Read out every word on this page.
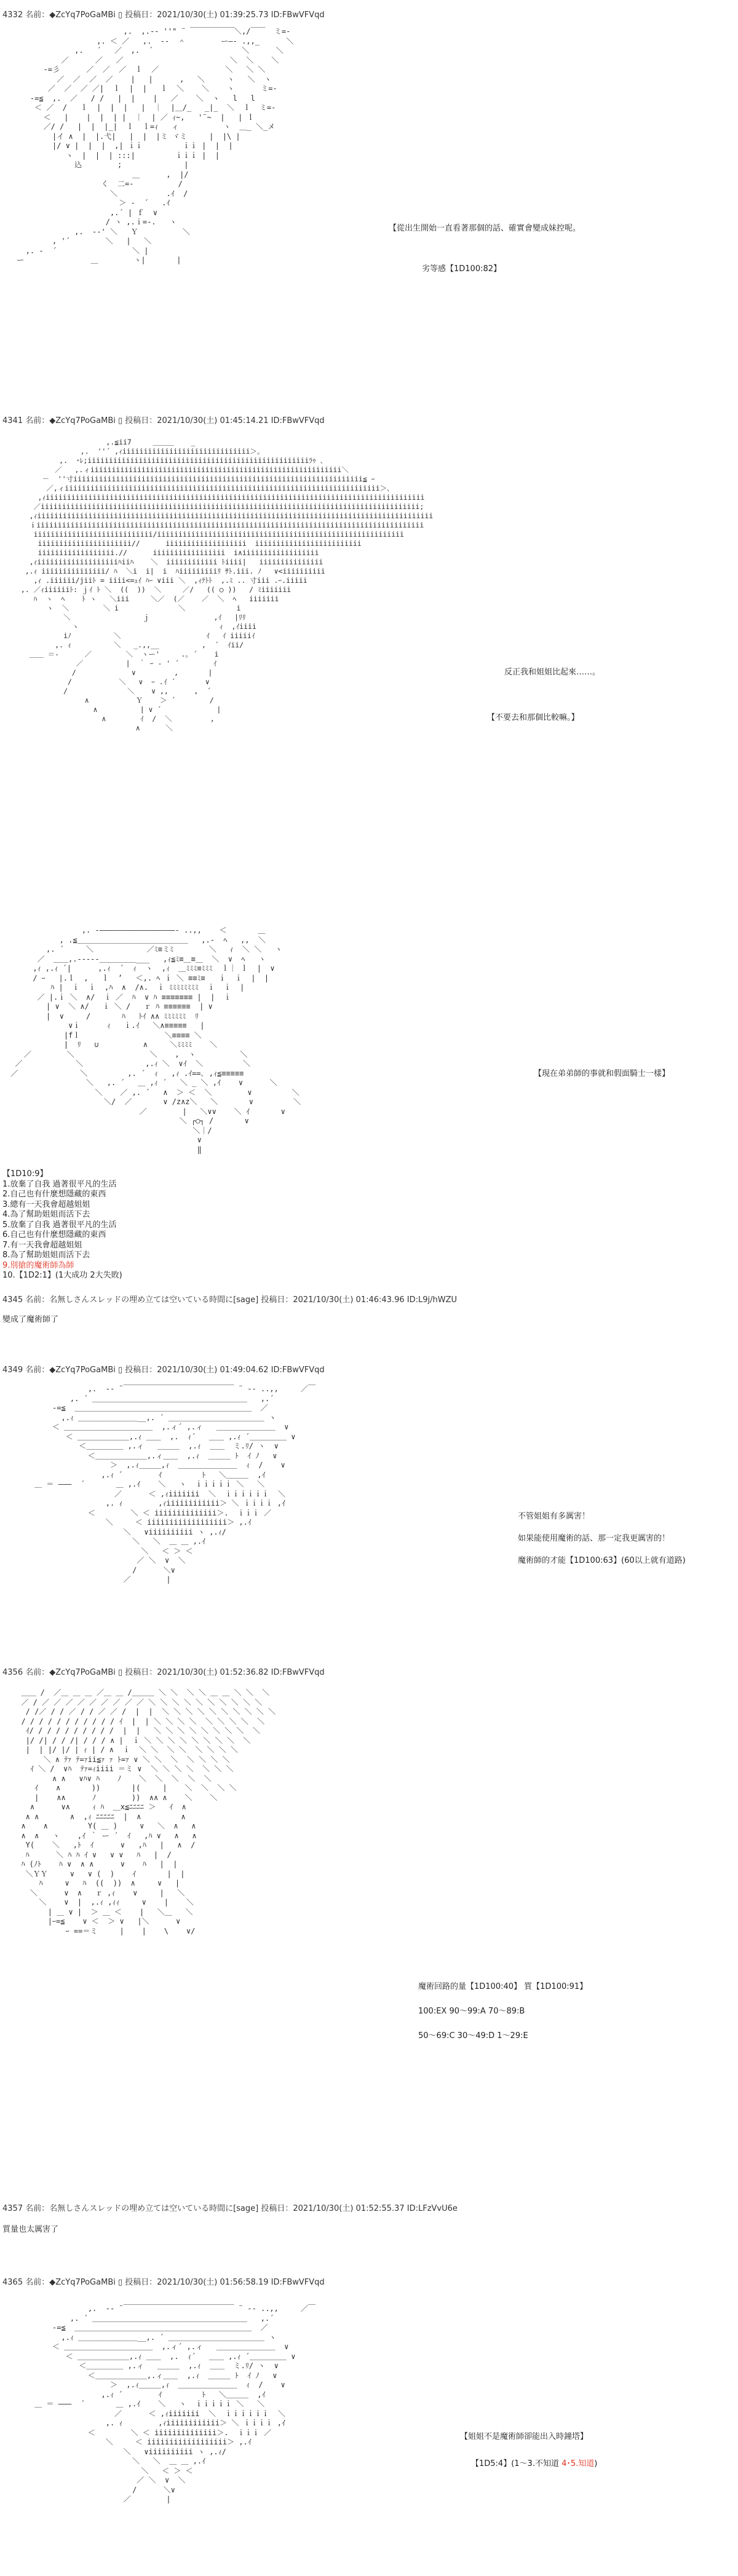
4332 名前：◆ZcYq7PoGaMBi ▯ 投稿日：2021/10/30(土) 01:39:25.73 ID:FBwVFVqd
,.  ,.-‐ ''" ¨ ￣￣￣￣￣￣＼,/￣￣  ミ=-
,. ＜ ／   ,.  -‐  ＾        ー―- .,,_      ＼
,.   ´   ／  ,.  ´                    ＼      ＼
／      ／   ／                        ＼  ＼    ＼
-=彡      ／  ／  ／  ｌ  ／               ＼   ＼ ＼
／  ／  ／  ／    |   |      ,   ＼     ヽ   ＼  ヽ
／  ／  ／ ／|  ｌ  |  |   ｌ  ＼    ＼    ヽ      ミ=-
-=≦  ,.  ／   / /   |  |    |   ／    ＼  ヽ   l   l
＜ ／  /   ｌ  |  |  |   |  ｜  |＿/_   _|_  ＼  ｌ  ミ=-
＜   |    |  |  | |  ｜  | ／ ｨ~,   '¨~  |   | ｌ
／/ /   |  |  |_|  ｌ  ｌ=ｨ   ィ          ヽ  ＿_ ＼_メ
|イ ∧  |  |.弋|   |  |  |ミ ヾミ     |  |\ |
|/ ∨ |  |  |  ,| ｉｉ         ｉｉ |  |  |
ヽ  |  |  | :::|         ｉｉｉ |  |
込        ;              |
＿      ,  |/
く  二=-          /
＼           .ｲ  /
＞ -  ´   .ｲ
,.´ | ｆ  ∨
/ ヽ ,.ｉ=-.   ヽ
,.  -‐' ＼   Ｙ          ＼
, '´        ＼   |   ＼
,. -  ´                 ＼ |
ー               ＿        ヽ|       |
【從出生開始一直看著那個的話、確實會變成妹控呢。
劣等感【1D100:82】
4341 名前：◆ZcYq7PoGaMBi ▯ 投稿日：2021/10/30(土) 01:45:14.21 ID:FBwVFVqd
,.≦ii7     ＿＿＿    _
,.  ''´ ,ｨiiiiiiiiiiiiiiiiiiiiiiiiiiiiii＞｡
,.  ･ﾚ;iiiiiiiiiiiiiiiiiiiiiiiiiiiiiiiiiiiiiiiiiiiiiiiiiiiiﾗｩ ､
／   ,.ィiiiiiiiiiiiiiiiiiiiiiiiiiiiiiiiiiiiiiiiiiiiiiiiiiiiiiiiiiii＼
－  ''寸iiiiiiiiiiiiiiiiiiiiiiiiiiiiiiiiiiiiiiiiiiiiiiiiiiiiiiiiiiiiiiiiiiii≦ ｰ
／,ィiiiiiiiiiiiiiiiiiiiiiiiiiiiiiiiiiiiiiiiiiiiiiiiiiiiiiiiiiiiiiiiiiiiiiiiiii＞､
,ｨiiiiiiiiiiiiiiiiiiiiiiiiiiiiiiiiiiiiiiiiiiiiiiiiiiiiiiiiiiiiiiiiiiiiiiiiiiiiiiiiiiiiiiiii
／iiiiiiiiiiiiiiiiiiiiiiiiiiiiiiiiiiiiiiiiiiiiiiiiiiiiiiiiiiiiiiiiiiiiiiiiiiiiiiiiiiiiiiiii;
,ｨiiiiiiiiiiiiiiiiiiiiiiiiiiiiiiiiiiiiiiiiiiiiiiiiiiiiiiiiiiiiiiiiiiiiiiiiiiiiiiiiiiiiiiiiiiiii
ｉiiiiiiiiiiiiiiiiiiiiiiiiiiiiiiiiiiiiiiiiiiiiiiiiiiiiiiiiiiiiiiiiiiiiiiiiiiiiiiiiiiiiiiiiiii
iiiiiiiiiiiiiiiiiiiiiiiiiiii/iiiiiiiiiiiiiiiiiiiiiiiiiiiiiiiiiiiiiiiiiiiiiiiiiiiiiiiiii
iiiiiiiiiiiiiiiiiiiiii//      iiiiiiiiiiiiiiiiiii  iiiiiiiiiiiiiiiiiiiiiiiii
iiiiiiiiiiiiiiiiii.//      iiiiiiiiiiiiiiiii  i∧iiiiiiiiiiiiiiiiii
,ｨiiiiiiiiiiiiiiiiiiiﾊiiﾊ    ＼  iiiiiiiiiiii ﾄiiii|   iiiiiiiiiiiiiii
,.ｨ iiiiiiiiiiiiiii/ ﾊ  ＼i  i|  i  ﾊiiiiiiiiiﾘ ｻﾄ.iii. ﾉ   ∨<iiiiiiiiii
,ｨ .iiiiii/jiiﾄ = iiii<=ｪｲ ﾊｰ ∨iii ＼  ,ｨﾃﾄﾄ  ,.ﾐ .. 寸iii .ｰ.iiiii
,. ／ｨiiiiiiﾄ: ｊｲ ﾄ ＼  ((  ))  ＼     ／/   (( ○ ))   / ﾐiiiiiii
ﾊ  ヽ  ﾍ    ﾄ ヽ   ＼iii     ＼／  (／    ／  ＼  ﾍ   iiiiiii
ヽ  ＼        ＼ i              ＼            i
＼                 ｊ               ,ｲ   |ﾘﾘ
ヽ                                 ｨ  ,ｲiiii
iﾉ          ＼                    ｲ   ｲ iiiiiｲ
,. ｨ          ＼   _.,,__          ,  ´  ｲii/
＿＿ ＝-      ／        ＼  ヽー'     .｡ ´    i
／          |  ｀ ｰ ‐ ' ´        ｲ
/             ∨         ,       |
/           ＼   ∨  ｰ .ｲ ´       ∨
/              ＼    ∨ ,,      ,  ´
∧           Ｙ    ＞ ´        /
∧          | ∨ ´             |
∧        ｲ  /  ＼         ,
∧      ＼
反正我和姐姐比起來……。
【不要去和那個比較嘛。】
,. -―――――――――――――――――- ..,,    ＜       ＿
, .≦＿＿＿＿＿＿＿＿＿＿＿＿＿＿＿   ,.-  ﾍ   ,,  ＼
,. ´     ＼            ／ﾐ≡ミﾐ        ＼   ｨ  ＼ ＼   ヽ
／  ＿＿,.-----＿＿＿＿＿___   ,ｨ≦ﾐ≡＿≡＿  ＼  ∨  ﾍ   ヽ
,ｨ ,.ｨ ´|      ,.ｨ  ´  ｨ  ヽ  ,ｨ  ＿ﾐﾐﾐ≡ﾐﾐﾐ  ｌ｜ ｌ  |  ∨
/ ｰ   |.ｌ  ,   ｌ  ’   ＜,. ﾍ ｉ ＼ ≡≡ﾐ≡   ｉ  ｉ  |  |
ﾊ |  ｉ  ｉ  ,ﾊ  ∧  /∧.  ｉ ﾐﾐﾐﾐﾐﾐﾐﾐ  ｉ  ｉ  |
／ |.ｉ ＼  ∧/  ｉ ／  ﾊ  ∨ ﾊ ≡≡≡≡≡≡≡ |  |  ｉ
| ∨  ＼ ∧/   ｉ ＼ /   ｒ ﾊ ≡≡≡≡≡≡  | ∨
|  ∨     /       ﾊ   ﾄｲ ∧∧ ﾐﾐﾐﾐﾐﾐ  ﾘ
∨ｉ      ｨ   ｉ.ｲ   ＼∧≡≡≡≡≡   |
|fｌ                   ＼≡≡≡≡ ＼
|  ﾘ   ∪          ∧     ＼ﾐﾐﾐﾐ    ＼
／        ＼                 ＼    ,  ヽ          ＼
／            ＼              ,.ｨ ＼  ∨ｲ  ＼         ＼
／              ＼         ,. ´  ｨ   ,ｨ .ｲ==､ ,ｨ≦≡≡≡≡≡
＼   ,. ´   ＿ ,ｨ ´   ＼ _ ＼ ,ｲ    ∨      ＼
＼    ／ ,. ´   ∧  ＞ ＜  ＼        ∨         ＼
＼/  ／       ∨ /z∧z＼   ＼       ∨         ＼
／        |   ＼∨∨    ＼ ｲ       ∨
＼ ┌○┐ /       ∨
＼｜/
∨
‖
【現在弟弟師的事就和假面騎士一樣】
【1D10:9】
1.放棄了自我 過著很平凡的生活
2.自己也有什麼想隱藏的東西
3.總有一天我會超越姐姐
4.為了幫助姐姐而活下去
5.放棄了自我 過著很平凡的生活
6.自己也有什麼想隱藏的東西
7.有一天我會超越姐姐
8.為了幫助姐姐而活下去
9.別搶的魔術師為師
10.【1D2:1】(1大成功 2大失敗)
4345 名前：名無しさんスレッドの埋め立ては空いている時間に[sage] 投稿日：2021/10/30(土) 01:46:43.96 ID:L9j/hWZU
變成了魔術師了
4349 名前：◆ZcYq7PoGaMBi ▯ 投稿日：2021/10/30(土) 01:49:04.62 ID:FBwVFVqd
,.  -‐ ¨￣￣￣￣￣￣￣￣￣￣￣￣￣￣￣ ¨ ‐- ..,,     ／￣
,. ´ ＿＿＿＿＿＿＿＿＿＿＿＿＿＿＿＿＿＿＿＿＿   ,.´
-=≦  ＿＿＿＿＿＿＿＿＿＿＿＿＿＿＿＿＿＿＿＿＿＿＿＿  ／
,.ｨ ＿＿＿＿＿＿＿＿__,. ´ ＿＿＿＿＿＿＿＿＿＿＿＿＿ ヽ
＜ ＿＿＿＿＿＿＿＿＿＿＿＿  ,.ィ´ ,.ィ   ＿＿＿＿＿＿＿＿  ∨
＜ ＿＿＿＿＿＿＿,.ｨ ＿＿  ,.  ｨ´   ＿＿ ,.ｨ ´＿＿＿＿＿ ∨
＜＿＿＿＿＿ ,.ィ   ＿＿＿  ,.ｨ  ＿＿  ミ.ﾘ/ ヽ  ∨
＜＿＿＿＿＿＿＿,.ィ＿＿  ,.ｨ  ＿＿＿ ﾄ  ｲ ﾉ   ∨
＞  ,.ｨ＿＿＿,ｨ  ＿＿＿＿＿＿＿＿  ｨ  /    ∨
,.ｨ ´        ｲ         ﾄ   ＼＿＿＿  ,ｲ
＿ ＝ ―――  ´       ＿ ,.ｲ    ＼   ヽ  ｉｉｉｉｉ ＼   ＼
／      ＜ ,ｨiiiiiii  ＼  ｉｉｉｉｉｉ  ＼
,. ｨ        ,ｨiiiiiiiiiiii＞ ＼ ｉｉｉｉ ,ｲ
＜        ＼ ＜ iiiiiiiiiiiiii＞.  ｉｉｉ ／
＼     ＜ iiiiiiiiiiiiiiiiii＞ ,.ｲ
＼   ∨iiiiiiiiii ヽ ,.ｨ/
＼   ＼  ＿ ＿ ,.ｲ
＼   ＜ ＞ ＜
／ ＼  ∨  ＼
/      ＼∨
／        |
不管姐姐有多厲害！
如果能使用魔術的話、那一定我更厲害的！
魔術師的才能【1D100:63】(60以上就有道路)
4356 名前：◆ZcYq7PoGaMBi ▯ 投稿日：2021/10/30(土) 01:52:36.82 ID:FBwVFVqd
＿＿ /  ／＿ ＿ ＿ ／＿ ＿ /＿＿＿ ＼ ＼  ＼ ＼ ＿ ＿ ＼ ＼  ＼
／ / ／ ／ ／ ／ ／ ／ ／ ／ ／ ＼ ＼ ＼ ＼ ＼ ＼ ＼ ＼ ＼ ＼
/ /／ / / ／ / / ／ ／ /  |  |  ＼ ＼ ＼ ＼ ＼ ＼ ＼ ＼ ＼ ＼
/ / / / / / / / / / / ｲ  |  | ＼ ＼ ＼ ＼  ＼ ＼ ＼ ＼  ＼
ｲ/ / / / / / / / / /  |  |   ＼ ＼ ＼ ＼ ＼ ＼ ＼ ＼  ＼
|/ /| / / /| / / / ∧ |  ｉ ＼ ＼ ＼ ＼ ＼ ＼ ＼ ＼  ＼
|  | |/ |/ | ｨ | / ∧  ｉ  ＼ ＼  ＼ ＼  ＼ ＼ ＼ ＼
＼ ∧ ﾃｧ ﾃ=ｧii≦ｧ ｧ ﾄ=ｧ ∨ ＼ ＼  ＼  ＼ ＼ ＼ ＼
ｲ ＼ /  ∨ﾊ  ﾃｧ=ｨiiii ＝ミ ∨  ＼ ＼ ＼ ＼  ＼ ＼ ＼
∧ ∧   ∨ﾊ∨ ﾊ    ﾉ    ＼  ＼  ＼  ＼  ＼
ｲ    ∧       ))       |(     |    ＼  ＼  ＼ ＼
|    ∧∧      ﾉ        ))  ∧∧ ∧    ＼    ＼
∧      ∨∧     ｨ ﾊ  ＿x≦ﾆﾆﾆﾆ ＞   ｲ  ∧
∧ ∧       ∧  ,ｨ ﾆﾆﾆﾆﾆ  |  ∧         ∧
∧    ∧         Y( ＿ )     ∨   ＼  ∧   ∧
∧  ∧   ヽ    ,ｲ ｀ ー ´  ｲ   ,ﾊ ∨   ∧   ∧
Y(    ＼   ,ﾄ  ｲ      ∨   ,ﾊ   |   ∧  /
ﾊ      ＼ ﾊ ﾊ ｲ ∨   ∨ ∨   ﾊ   |  /
ﾊ (ﾉﾄ    ﾊ ∨  ∧ ∧      ∨    ﾊ   |  |
＼ＹＹ     ∨   ∨ (  )    ｲ       |  |
ﾊ     ∨   ﾊ  ((  ))  ∧     ∨   |
＼      ∨  ∧   ｒ ,ｨ    ∨     |   ＼
＼    ∨  |  ,.ｨ ,ｨｨ     ∨    |    ＼
| ＿ ∨ |  ＞ ＿ ＜    |   ＼＿   ＼
|ｰ=≦    ∨ ＜  ＞ ∨   |＼      ∨
ｰ ==＝ミ     |    |    \    ∨/
魔術回路的量【1D100:40】 質【1D100:91】
100:EX 90～99:A 70～89:B
50～69:C 30～49:D 1～29:E
4357 名前：名無しさんスレッドの埋め立ては空いている時間に[sage] 投稿日：2021/10/30(土) 01:52:55.37 ID:LFzVvU6e
質量也太厲害了
4365 名前：◆ZcYq7PoGaMBi ▯ 投稿日：2021/10/30(土) 01:56:58.19 ID:FBwVFVqd
,.  -‐ ¨￣￣￣￣￣￣￣￣￣￣￣￣￣￣￣ ¨ ‐- ..,,     ／￣
,. ´ ＿＿＿＿＿＿＿＿＿＿＿＿＿＿＿＿＿＿＿＿＿   ,.´
-=≦  ＿＿＿＿＿＿＿＿＿＿＿＿＿＿＿＿＿＿＿＿＿＿＿＿  ／
,.ｨ ＿＿＿＿＿＿＿＿__,. ´ ＿＿＿＿＿＿＿＿＿＿＿＿＿ ヽ
＜ ＿＿＿＿＿＿＿＿＿＿＿＿  ,.ィ´ ,.ィ   ＿＿＿＿＿＿＿＿  ∨
＜ ＿＿＿＿＿＿＿,.ｨ ＿＿  ,.  ｨ´   ＿＿ ,.ｨ ´＿＿＿＿＿ ∨
＜＿＿＿＿＿ ,.ィ   ＿＿＿  ,.ｨ  ＿＿  ミ.ﾘ/ ヽ  ∨
＜＿＿＿＿＿＿＿,.ィ＿＿  ,.ｨ  ＿＿＿ ﾄ  ｲ ﾉ   ∨
＞  ,.ｨ＿＿＿,ｨ  ＿＿＿＿＿＿＿＿  ｨ  /    ∨
,.ｨ ´        ｲ         ﾄ   ＼＿＿＿  ,ｲ
＿ ＝ ―――  ´       ＿ ,.ｲ    ＼   ヽ  ｉｉｉｉｉ ＼   ＼
／      ＜ ,ｨiiiiiii  ＼  ｉｉｉｉｉｉ  ＼
,. ｨ        ,ｨiiiiiiiiiiii＞ ＼ ｉｉｉｉ ,ｲ
＜        ＼ ＜ iiiiiiiiiiiiii＞.  ｉｉｉ ／
＼     ＜ iiiiiiiiiiiiiiiiii＞ ,.ｲ
＼   ∨iiiiiiiiii ヽ ,.ｨ/
＼   ＼  ＿ ＿ ,.ｲ
＼   ＜ ＞ ＜
／ ＼  ∨  ＼
/      ＼∨
／        |
【姐姐不是魔術師卻能出入時鐘塔】
【1D5:4】(1～3.不知道 4･5.知道)
